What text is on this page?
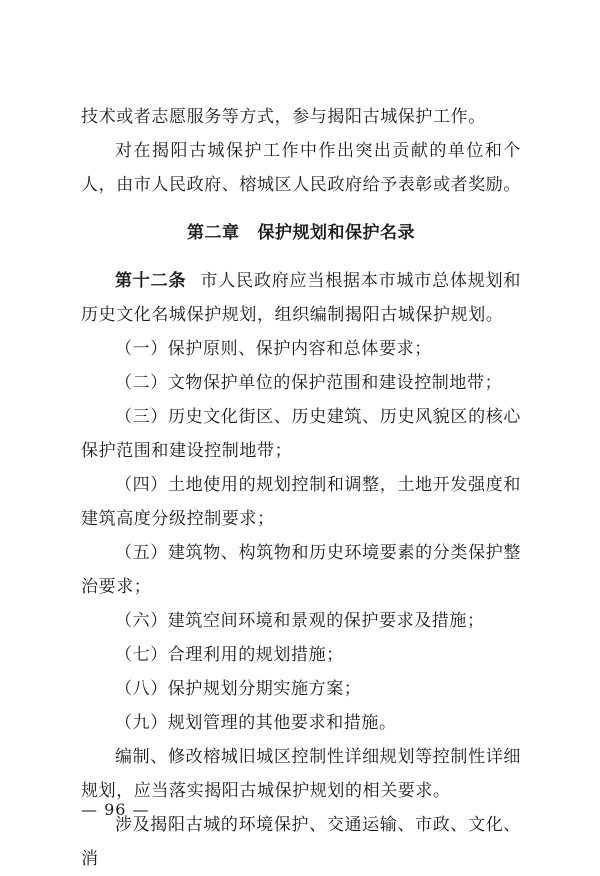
技术或者志愿服务等方式，参与揭阳古城保护工作。

对在揭阳古城保护工作中作出突出贡献的单位和个人，由市人民政府、榕城区人民政府给予表彰或者奖励。

第二章 保护规划和保护名录

第十二条 市人民政府应当根据本市城市总体规划和历史文化名城保护规划，组织编制揭阳古城保护规划。

（一）保护原则、保护内容和总体要求；

（二）文物保护单位的保护范围和建设控制地带；

（三）历史文化街区、历史建筑、历史风貌区的核心保护范围和建设控制地带；

（四）土地使用的规划控制和调整，土地开发强度和建筑高度分级控制要求；

（五）建筑物、构筑物和历史环境要素的分类保护整治要求；

（六）建筑空间环境和景观的保护要求及措施；

（七）合理利用的规划措施；

（八）保护规划分期实施方案；

（九）规划管理的其他要求和措施。

编制、修改榕城旧城区控制性详细规划等控制性详细规划，应当落实揭阳古城保护规划的相关要求。

涉及揭阳古城的环境保护、交通运输、市政、文化、消

— 96 —
